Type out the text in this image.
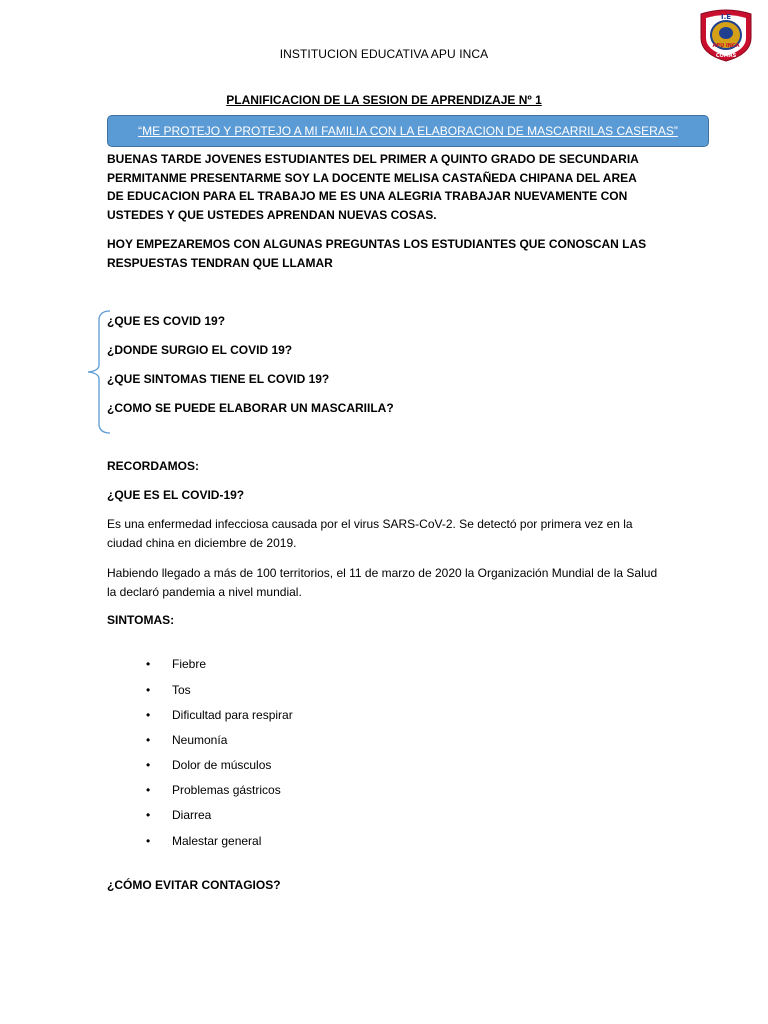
I.E
APU INCA
COMAS
INSTITUCION EDUCATIVA APU INCA
PLANIFICACION DE LA SESION DE APRENDIZAJE Nº 1
“ME PROTEJO Y PROTEJO A MI FAMILIA CON LA ELABORACION DE MASCARRILAS CASERAS”
BUENAS TARDE JOVENES ESTUDIANTES DEL PRIMER A QUINTO GRADO DE SECUNDARIA PERMITANME PRESENTARME SOY LA DOCENTE MELISA CASTAÑEDA CHIPANA DEL AREA DE EDUCACION PARA EL TRABAJO ME ES UNA ALEGRIA TRABAJAR NUEVAMENTE CON USTEDES Y QUE USTEDES APRENDAN NUEVAS COSAS.
HOY EMPEZAREMOS CON ALGUNAS PREGUNTAS LOS ESTUDIANTES QUE CONOSCAN LAS RESPUESTAS TENDRAN QUE LLAMAR
¿QUE ES COVID 19?
¿DONDE SURGIO EL COVID 19?
¿QUE SINTOMAS TIENE EL COVID 19?
¿COMO SE PUEDE ELABORAR UN MASCARIILA?
RECORDAMOS:
¿QUE ES EL COVID-19?
Es una enfermedad infecciosa causada por el virus SARS-CoV-2. Se detectó por primera vez en la ciudad china en diciembre de 2019.
Habiendo llegado a más de 100 territorios, el 11 de marzo de 2020 la Organización Mundial de la Salud la declaró pandemia a nivel mundial.
SINTOMAS:
• Fiebre
• Tos
• Dificultad para respirar
• Neumonía
• Dolor de músculos
• Problemas gástricos
• Diarrea
• Malestar general
¿CÓMO EVITAR CONTAGIOS?
